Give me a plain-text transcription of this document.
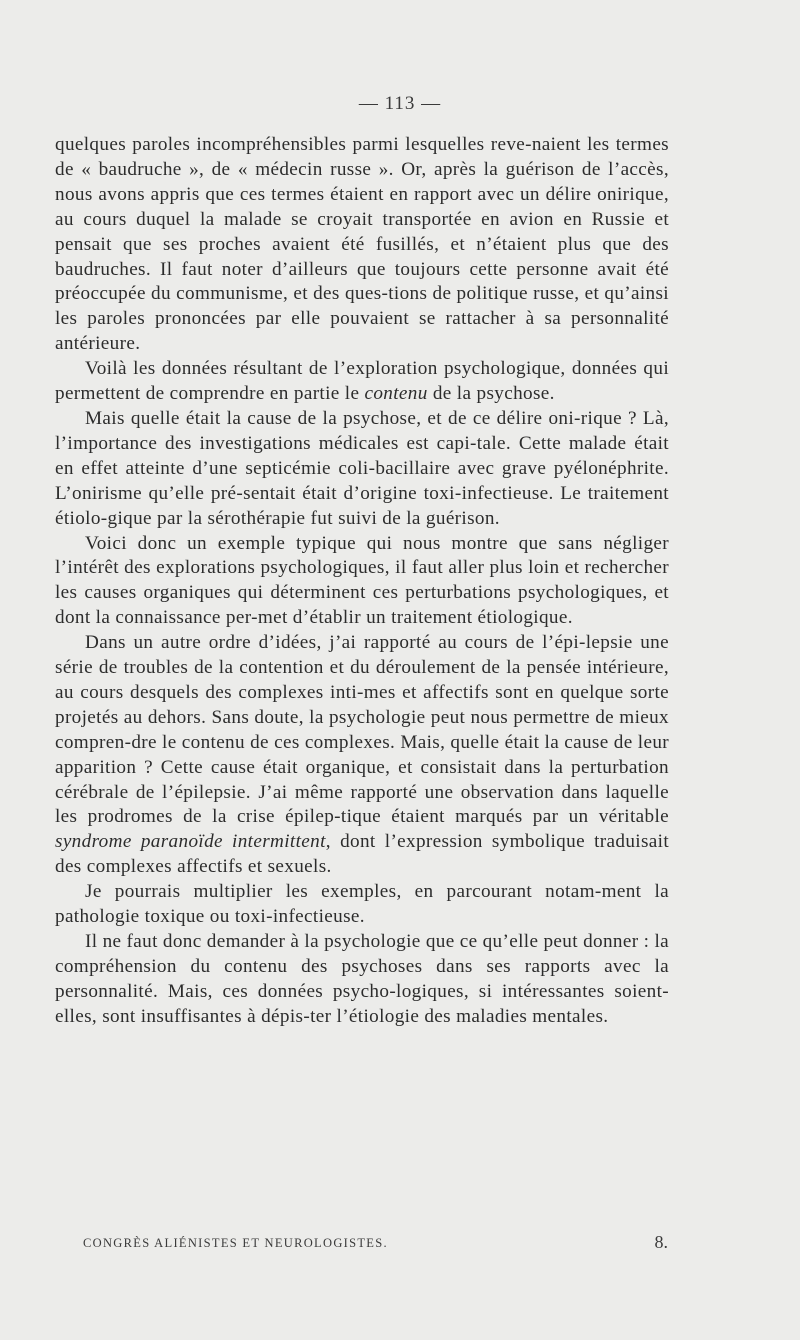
— 113 —

quelques paroles incompréhensibles parmi lesquelles reve-naient les termes de « baudruche », de « médecin russe ». Or, après la guérison de l’accès, nous avons appris que ces termes étaient en rapport avec un délire onirique, au cours duquel la malade se croyait transportée en avion en Russie et pensait que ses proches avaient été fusillés, et n’étaient plus que des baudruches. Il faut noter d’ailleurs que toujours cette personne avait été préoccupée du communisme, et des ques-tions de politique russe, et qu’ainsi les paroles prononcées par elle pouvaient se rattacher à sa personnalité antérieure.

Voilà les données résultant de l’exploration psychologique, données qui permettent de comprendre en partie le contenu de la psychose.

Mais quelle était la cause de la psychose, et de ce délire oni-rique ? Là, l’importance des investigations médicales est capi-tale. Cette malade était en effet atteinte d’une septicémie coli-bacillaire avec grave pyélonéphrite. L’onirisme qu’elle pré-sentait était d’origine toxi-infectieuse. Le traitement étiolo-gique par la sérothérapie fut suivi de la guérison.

Voici donc un exemple typique qui nous montre que sans négliger l’intérêt des explorations psychologiques, il faut aller plus loin et rechercher les causes organiques qui déterminent ces perturbations psychologiques, et dont la connaissance per-met d’établir un traitement étiologique.

Dans un autre ordre d’idées, j’ai rapporté au cours de l’épi-lepsie une série de troubles de la contention et du déroulement de la pensée intérieure, au cours desquels des complexes inti-mes et affectifs sont en quelque sorte projetés au dehors. Sans doute, la psychologie peut nous permettre de mieux compren-dre le contenu de ces complexes. Mais, quelle était la cause de leur apparition ? Cette cause était organique, et consistait dans la perturbation cérébrale de l’épilepsie. J’ai même rapporté une observation dans laquelle les prodromes de la crise épilep-tique étaient marqués par un véritable syndrome paranoïde intermittent, dont l’expression symbolique traduisait des complexes affectifs et sexuels.

Je pourrais multiplier les exemples, en parcourant notam-ment la pathologie toxique ou toxi-infectieuse.

Il ne faut donc demander à la psychologie que ce qu’elle peut donner : la compréhension du contenu des psychoses dans ses rapports avec la personnalité. Mais, ces données psycho-logiques, si intéressantes soient-elles, sont insuffisantes à dépis-ter l’étiologie des maladies mentales.

CONGRÈS ALIÉNISTES ET NEUROLOGISTES.	8.
